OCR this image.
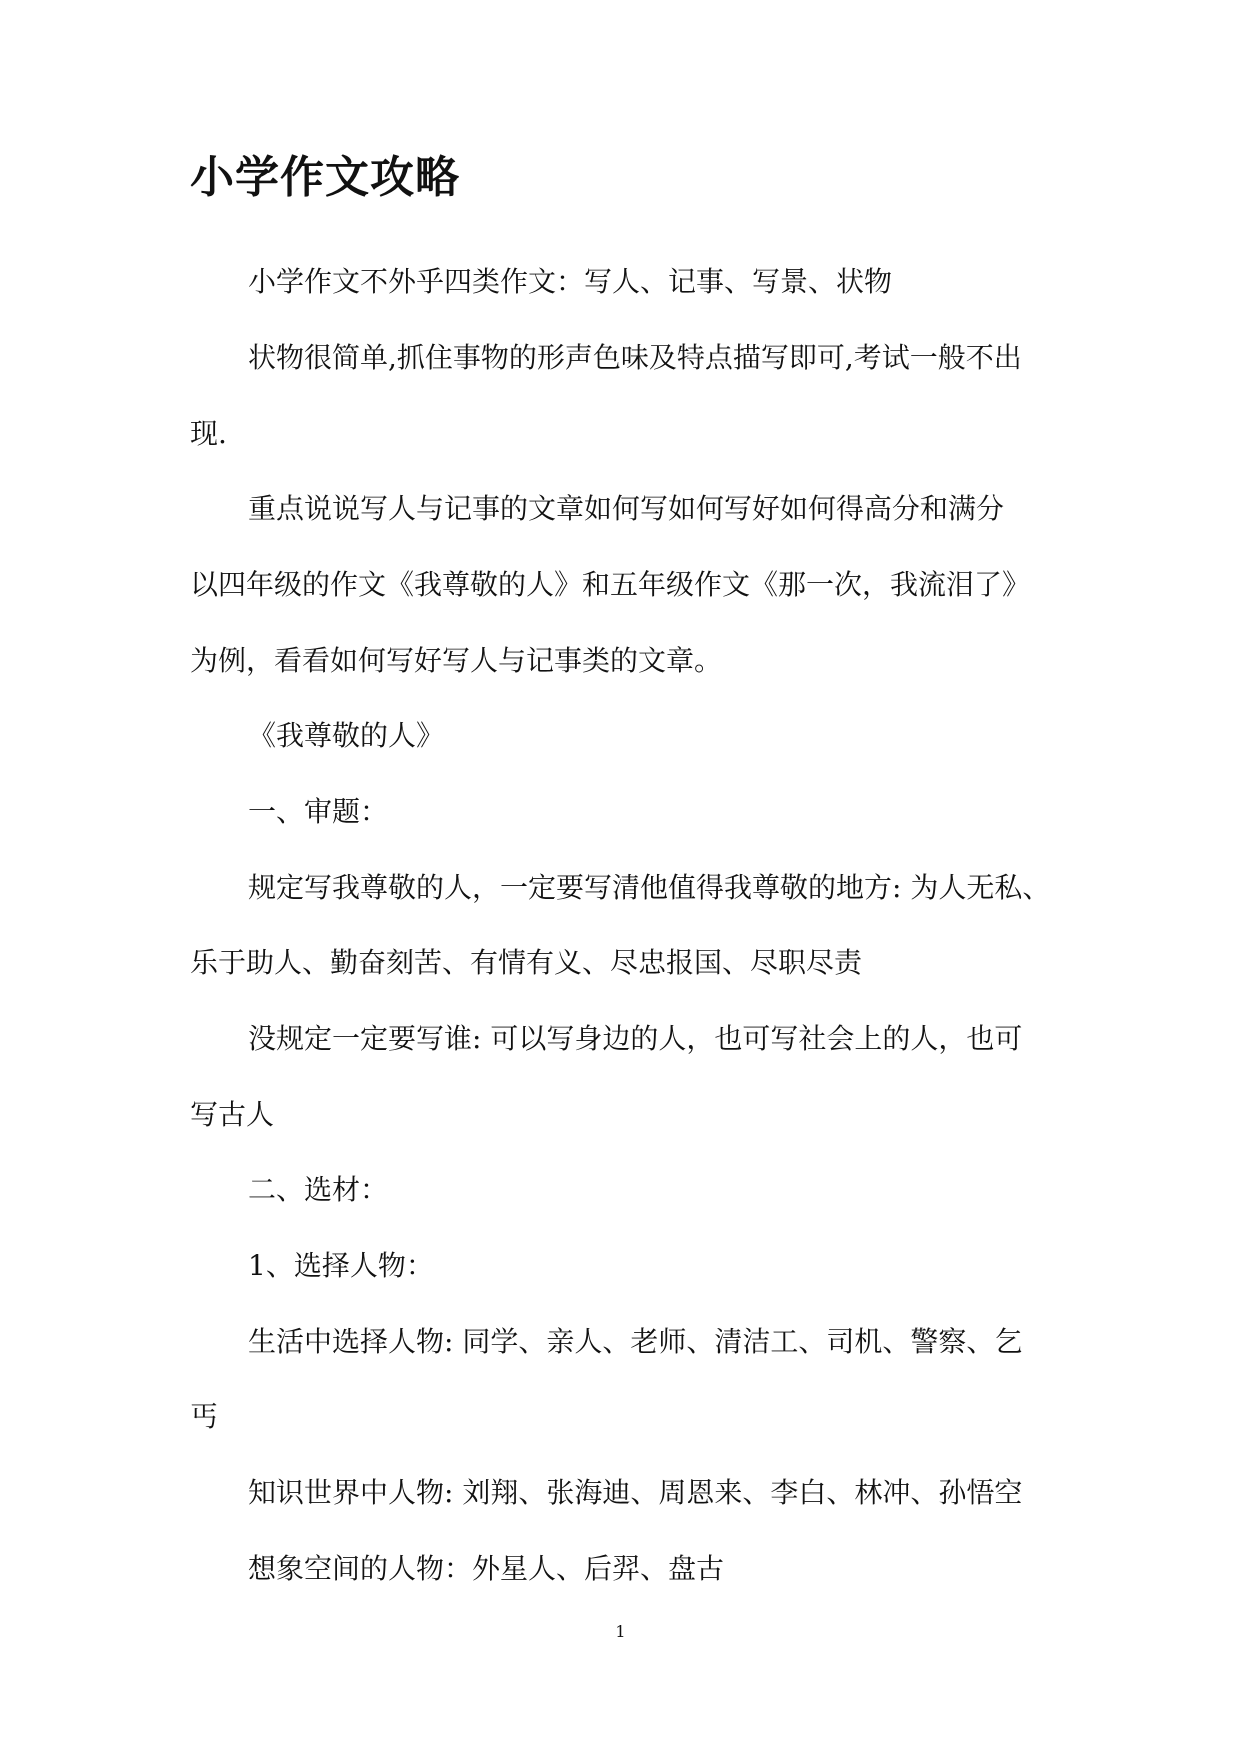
小学作文攻略
小学作文不外乎四类作文：写人、记事、写景、状物
状物很简单,抓住事物的形声色味及特点描写即可,考试一般不出
现.
重点说说写人与记事的文章如何写如何写好如何得高分和满分
以四年级的作文《我尊敬的人》和五年级作文《那一次，我流泪了》
为例，看看如何写好写人与记事类的文章。
《我尊敬的人》
一、审题：
规定写我尊敬的人，一定要写清他值得我尊敬的地方: 为人无私、
乐于助人、勤奋刻苦、有情有义、尽忠报国、尽职尽责
没规定一定要写谁: 可以写身边的人，也可写社会上的人，也可
写古人
二、选材：
1、选择人物：
生活中选择人物: 同学、亲人、老师、清洁工、司机、警察、乞
丐
知识世界中人物: 刘翔、张海迪、周恩来、李白、林冲、孙悟空
想象空间的人物：外星人、后羿、盘古
1
